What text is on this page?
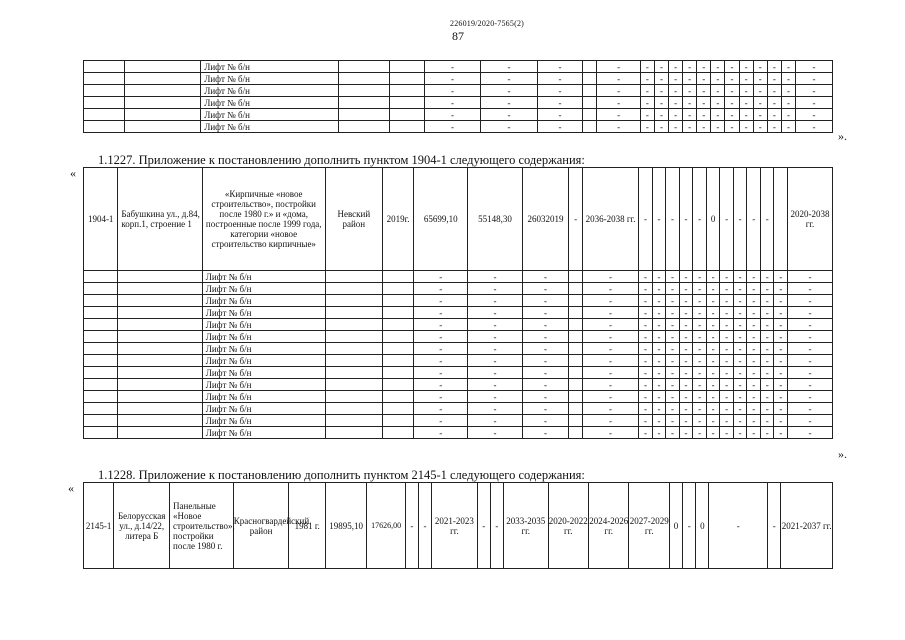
226019/2020-7565(2)
87
		Лифт № б/н			-	-	-		-	-	-	-	-	-	-	-	-	-	-	-	-
		Лифт № б/н			-	-	-		-	-	-	-	-	-	-	-	-	-	-	-	-
		Лифт № б/н			-	-	-		-	-	-	-	-	-	-	-	-	-	-	-	-
		Лифт № б/н			-	-	-		-	-	-	-	-	-	-	-	-	-	-	-	-
		Лифт № б/н			-	-	-		-	-	-	-	-	-	-	-	-	-	-	-	-
		Лифт № б/н			-	-	-		-	-	-	-	-	-	-	-	-	-	-	-	-
».
1.1227. Приложение к постановлению дополнить пунктом 1904-1 следующего содержания:
«
1904-1	Бабушкина ул., д.84, корп.1, строение 1	«Кирпичные «новое строительство», постройки после 1980 г.» и «дома, построенные после 1999 года, категории «новое строительство кирпичные»	Невский район	2019г.	65699,10	55148,30	26032019	-	2036-2038 гг.	-	-	-	-	-	0	-	-	-	-		2020-2038 гг.
		Лифт № б/н			-	-	-		-	-	-	-	-	-	-	-	-	-	-	-	-
		Лифт № б/н			-	-	-		-	-	-	-	-	-	-	-	-	-	-	-	-
		Лифт № б/н			-	-	-		-	-	-	-	-	-	-	-	-	-	-	-	-
		Лифт № б/н			-	-	-		-	-	-	-	-	-	-	-	-	-	-	-	-
		Лифт № б/н			-	-	-		-	-	-	-	-	-	-	-	-	-	-	-	-
		Лифт № б/н			-	-	-		-	-	-	-	-	-	-	-	-	-	-	-	-
		Лифт № б/н			-	-	-		-	-	-	-	-	-	-	-	-	-	-	-	-
		Лифт № б/н			-	-	-		-	-	-	-	-	-	-	-	-	-	-	-	-
		Лифт № б/н			-	-	-		-	-	-	-	-	-	-	-	-	-	-	-	-
		Лифт № б/н			-	-	-		-	-	-	-	-	-	-	-	-	-	-	-	-
		Лифт № б/н			-	-	-		-	-	-	-	-	-	-	-	-	-	-	-	-
		Лифт № б/н			-	-	-		-	-	-	-	-	-	-	-	-	-	-	-	-
		Лифт № б/н			-	-	-		-	-	-	-	-	-	-	-	-	-	-	-	-
		Лифт № б/н			-	-	-		-	-	-	-	-	-	-	-	-	-	-	-	-
».
1.1228. Приложение к постановлению дополнить пунктом 2145-1 следующего содержания:
«
2145-1	Белорусская ул., д.14/22, литера Б	Панельные «Новое строительство», постройки после 1980 г.	Красногвардейский район	1981 г.	19895,10	17626,00	-	-	2021-2023 гг.	-	-	2033-2035 гг.	2020-2022 гг.	2024-2026 гг.	2027-2029 гг.	0	-	0	-	-	2021-2037 гг.
